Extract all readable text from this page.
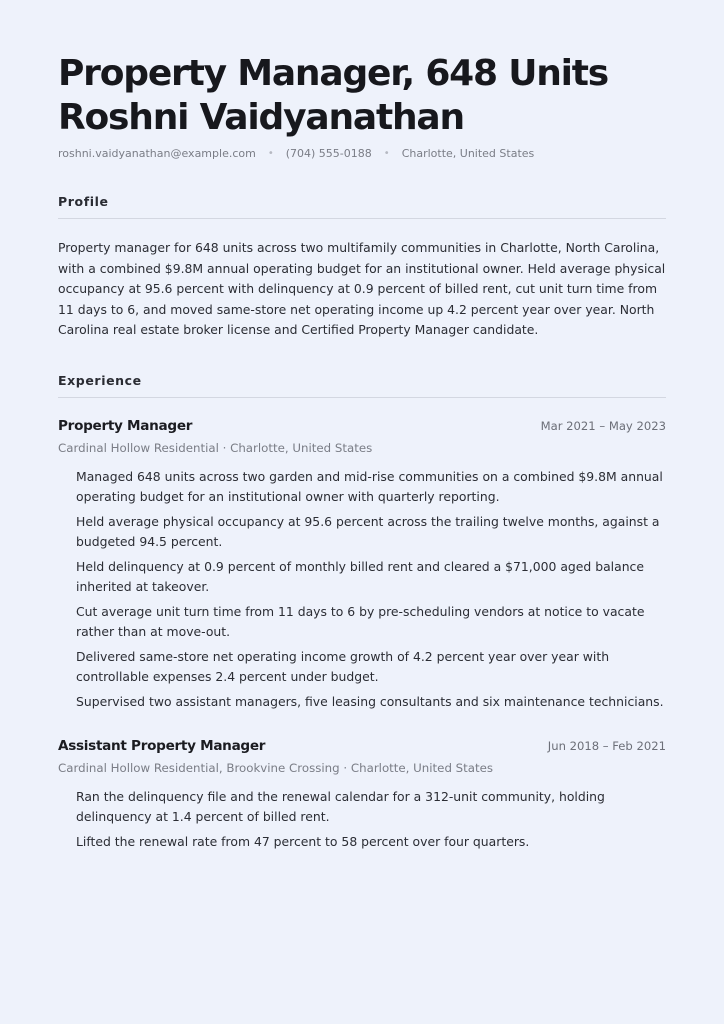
Property Manager, 648 Units
Roshni Vaidyanathan
roshni.vaidyanathan@example.com • (704) 555-0188 • Charlotte, United States
Profile

Property manager for 648 units across two multifamily communities in Charlotte, North Carolina, with a combined $9.8M annual operating budget for an institutional owner. Held average physical occupancy at 95.6 percent with delinquency at 0.9 percent of billed rent, cut unit turn time from 11 days to 6, and moved same-store net operating income up 4.2 percent year over year. North Carolina real estate broker license and Certified Property Manager candidate.

Experience
Property Manager	Mar 2021 – May 2023
Cardinal Hollow Residential · Charlotte, United States
Managed 648 units across two garden and mid-rise communities on a combined $9.8M annual operating budget for an institutional owner with quarterly reporting.
Held average physical occupancy at 95.6 percent across the trailing twelve months, against a budgeted 94.5 percent.
Held delinquency at 0.9 percent of monthly billed rent and cleared a $71,000 aged balance inherited at takeover.
Cut average unit turn time from 11 days to 6 by pre-scheduling vendors at notice to vacate rather than at move-out.
Delivered same-store net operating income growth of 4.2 percent year over year with controllable expenses 2.4 percent under budget.
Supervised two assistant managers, five leasing consultants and six maintenance technicians.
Assistant Property Manager	Jun 2018 – Feb 2021
Cardinal Hollow Residential, Brookvine Crossing · Charlotte, United States
Ran the delinquency file and the renewal calendar for a 312-unit community, holding delinquency at 1.4 percent of billed rent.
Lifted the renewal rate from 47 percent to 58 percent over four quarters.
